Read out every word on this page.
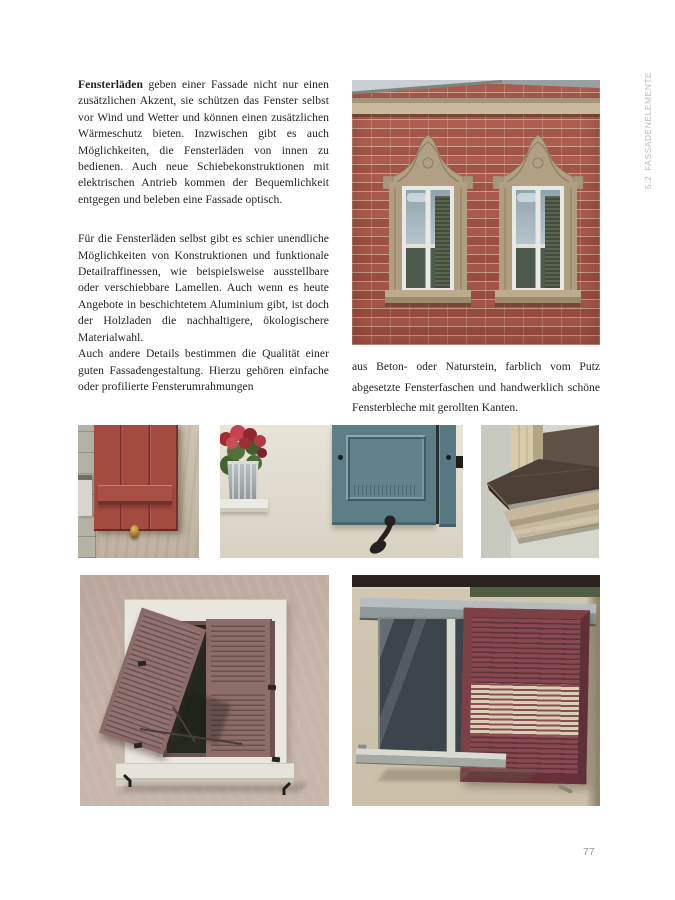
Fensterläden geben einer Fassade nicht nur einen zusätzlichen Akzent, sie schützen das Fenster selbst vor Wind und Wetter und können einen zusätzlichen Wärmeschutz bieten. Inzwischen gibt es auch Möglichkeiten, die Fensterläden von innen zu bedienen. Auch neue Schiebekonstruktionen mit elektrischen Antrieb kommen der Bequemlichkeit entgegen und beleben eine Fassade optisch.

Für die Fensterläden selbst gibt es schier unendliche Möglichkeiten von Konstruktionen und funktionale Detailraffinessen, wie beispielsweise ausstellbare oder verschiebbare Lamellen. Auch wenn es heute Angebote in beschichtetem Aluminium gibt, ist doch der Holzladen die nachhaltigere, ökologischere Materialwahl.

Auch andere Details bestimmen die Qualität einer guten Fassadengestaltung. Hierzu gehören einfache oder profilierte Fensterumrahmungen

aus Beton- oder Naturstein, farblich vom Putz abgesetzte Fensterfaschen und handwerklich schöne Fensterbleche mit gerollten Kanten.
5.2 FASSADENELEMENTE
77
